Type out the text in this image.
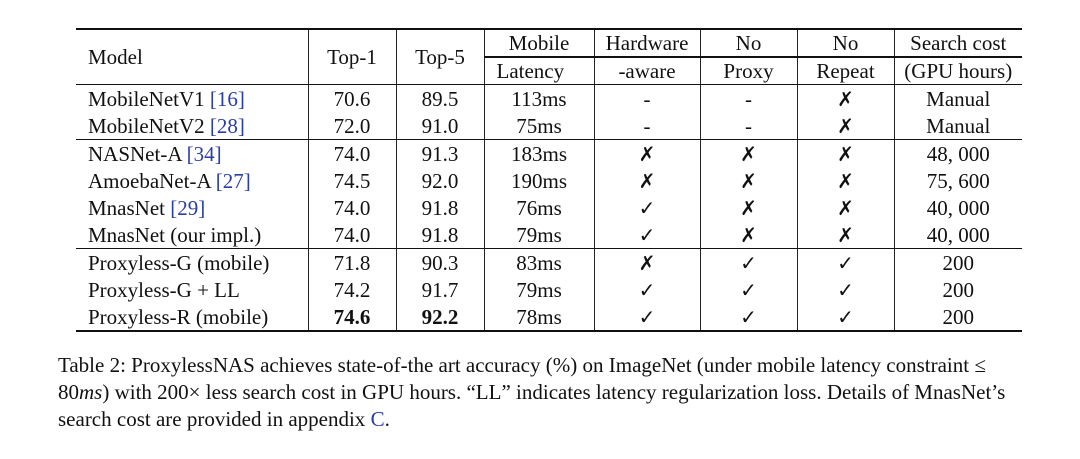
Model	Top-1	Top-5	Mobile	Hardware	No	No	Search cost
			Latency	-aware	Proxy	Repeat	(GPU hours)
MobileNetV1 [16]	70.6	89.5	113ms	-	-	✗	Manual
MobileNetV2 [28]	72.0	91.0	75ms	-	-	✗	Manual
NASNet-A [34]	74.0	91.3	183ms	✗	✗	✗	48, 000
AmoebaNet-A [27]	74.5	92.0	190ms	✗	✗	✗	75, 600
MnasNet [29]	74.0	91.8	76ms	✓	✗	✗	40, 000
MnasNet (our impl.)	74.0	91.8	79ms	✓	✗	✗	40, 000
Proxyless-G (mobile)	71.8	90.3	83ms	✗	✓	✓	200
Proxyless-G + LL	74.2	91.7	79ms	✓	✓	✓	200
Proxyless-R (mobile)	74.6	92.2	78ms	✓	✓	✓	200
Table 2: ProxylessNAS achieves state-of-the art accuracy (%) on ImageNet (under mobile latency constraint ≤ 80ms) with 200× less search cost in GPU hours. “LL” indicates latency regularization loss. Details of MnasNet’s search cost are provided in appendix C.
